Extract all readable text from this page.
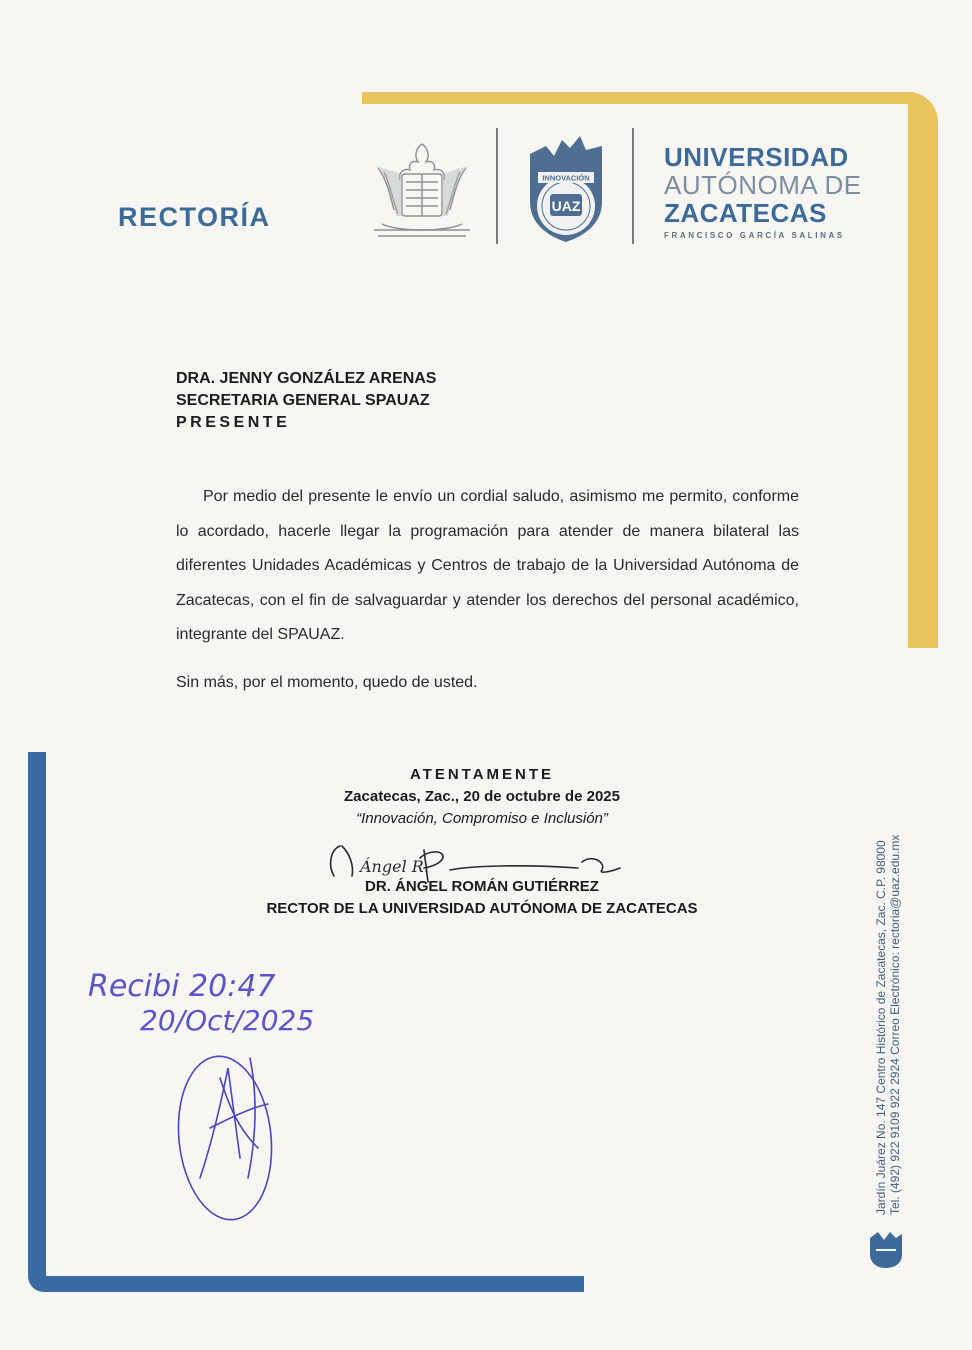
RECTORÍA
INNOVACIÓN
UAZ
UNIVERSIDAD
AUTÓNOMA DE
ZACATECAS
FRANCISCO GARCÍA SALINAS
DRA. JENNY GONZÁLEZ ARENAS
SECRETARIA GENERAL SPAUAZ
PRESENTE

Por medio del presente le envío un cordial saludo, asimismo me permito, conforme lo acordado, hacerle llegar la programación para atender de manera bilateral las diferentes Unidades Académicas y Centros de trabajo de la Universidad Autónoma de Zacatecas, con el fin de salvaguardar y atender los derechos del personal académico, integrante del SPAUAZ.

Sin más, por el momento, quedo de usted.
ATENTAMENTE
Zacatecas, Zac., 20 de octubre de 2025
“Innovación, Compromiso e Inclusión”
Ángel R.
DR. ÁNGEL ROMÁN GUTIÉRREZ
RECTOR DE LA UNIVERSIDAD AUTÓNOMA DE ZACATECAS
Recibi 20:47
20/Oct/2025	Jardín Juárez No. 147 Centro Histórico de Zacatecas, Zac. C.P. 98000 Tel. (492) 922 9109 922 2924 Correo Electrónico: rectoria@uaz.edu.mx
